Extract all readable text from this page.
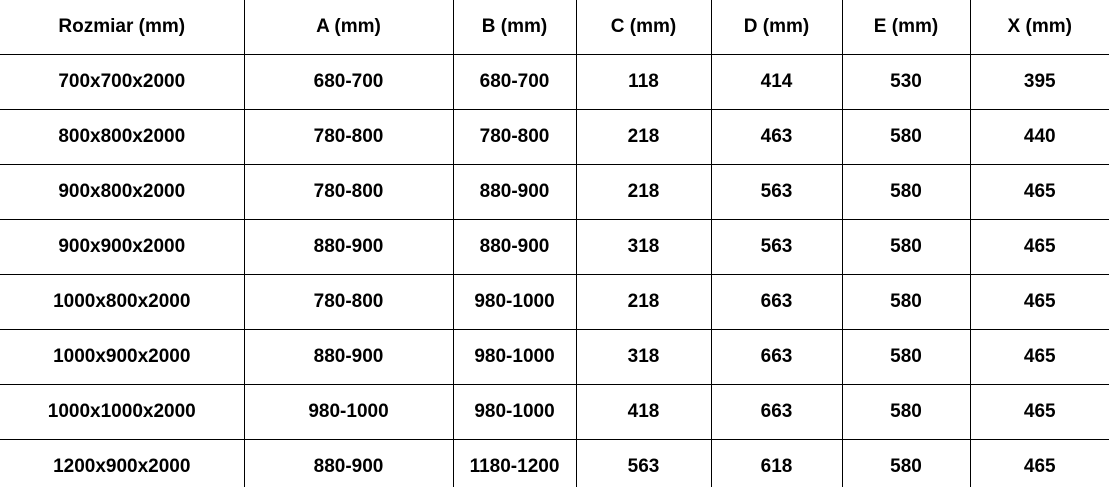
Rozmiar (mm)	A (mm)	B (mm)	C (mm)	D (mm)	E (mm)	X (mm)
700x700x2000	680-700	680-700	118	414	530	395
800x800x2000	780-800	780-800	218	463	580	440
900x800x2000	780-800	880-900	218	563	580	465
900x900x2000	880-900	880-900	318	563	580	465
1000x800x2000	780-800	980-1000	218	663	580	465
1000x900x2000	880-900	980-1000	318	663	580	465
1000x1000x2000	980-1000	980-1000	418	663	580	465
1200x900x2000	880-900	1180-1200	563	618	580	465
